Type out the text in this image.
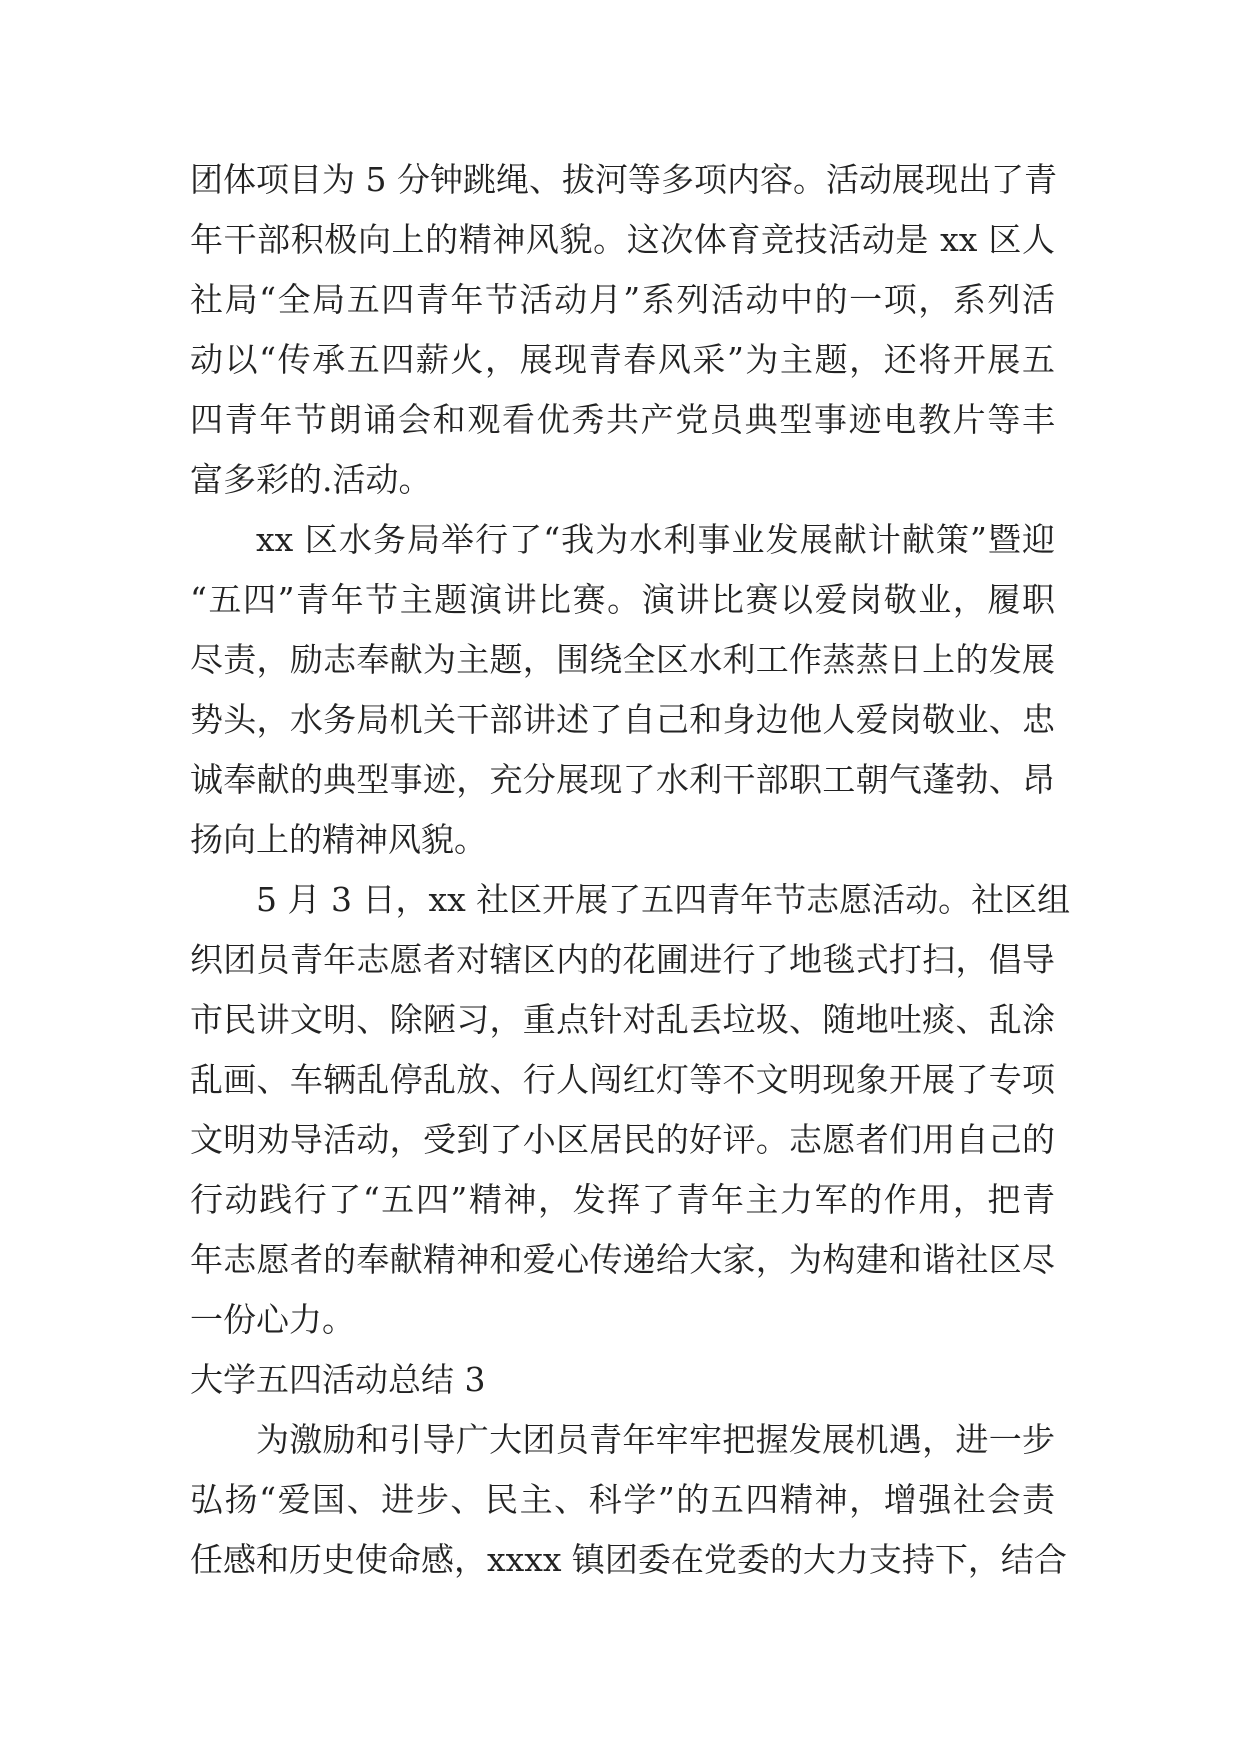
团体项目为 5 分钟跳绳、拔河等多项内容。活动展现出了青
年干部积极向上的精神风貌。这次体育竞技活动是 xx 区人
社局“全局五四青年节活动月”系列活动中的一项，系列活
动以“传承五四薪火，展现青春风采”为主题，还将开展五
四青年节朗诵会和观看优秀共产党员典型事迹电教片等丰
富多彩的.活动。
xx 区水务局举行了“我为水利事业发展献计献策”暨迎
“五四”青年节主题演讲比赛。演讲比赛以爱岗敬业，履职
尽责，励志奉献为主题，围绕全区水利工作蒸蒸日上的发展
势头，水务局机关干部讲述了自己和身边他人爱岗敬业、忠
诚奉献的典型事迹，充分展现了水利干部职工朝气蓬勃、昂
扬向上的精神风貌。
5 月 3 日，xx 社区开展了五四青年节志愿活动。社区组
织团员青年志愿者对辖区内的花圃进行了地毯式打扫，倡导
市民讲文明、除陋习，重点针对乱丢垃圾、随地吐痰、乱涂
乱画、车辆乱停乱放、行人闯红灯等不文明现象开展了专项
文明劝导活动，受到了小区居民的好评。志愿者们用自己的
行动践行了“五四”精神，发挥了青年主力军的作用，把青
年志愿者的奉献精神和爱心传递给大家，为构建和谐社区尽
一份心力。
大学五四活动总结 3
为激励和引导广大团员青年牢牢把握发展机遇，进一步
弘扬“爱国、进步、民主、科学”的五四精神，增强社会责
任感和历史使命感，xxxx 镇团委在党委的大力支持下，结合
